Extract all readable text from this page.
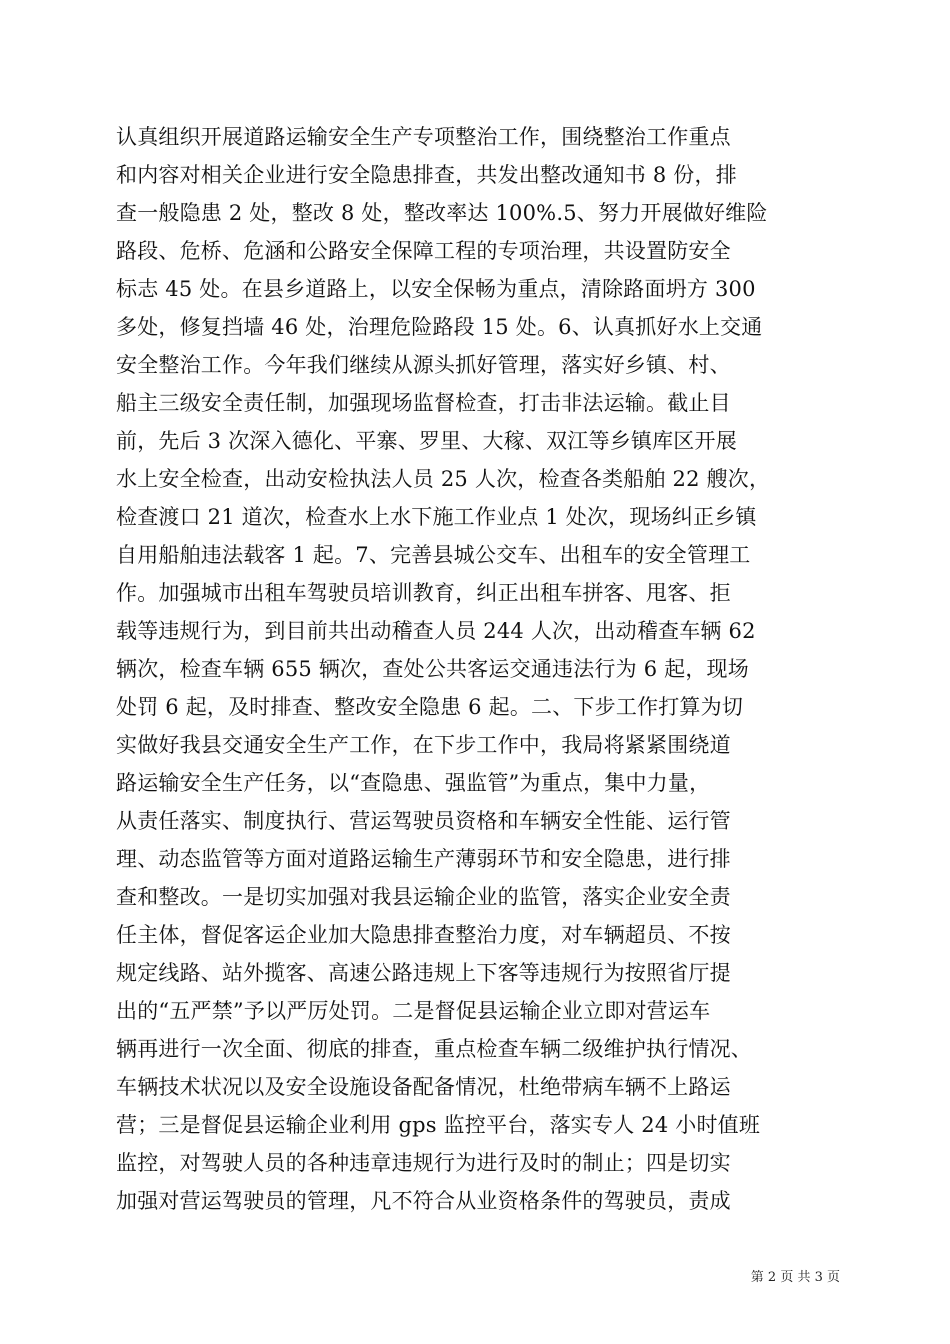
认真组织开展道路运输安全生产专项整治工作，围绕整治工作重点
和内容对相关企业进行安全隐患排查，共发出整改通知书 8 份，排
查一般隐患 2 处，整改 8 处，整改率达 100%.5、努力开展做好维险
路段、危桥、危涵和公路安全保障工程的专项治理，共设置防安全
标志 45 处。在县乡道路上，以安全保畅为重点，清除路面坍方 300
多处，修复挡墙 46 处，治理危险路段 15 处。6、认真抓好水上交通
安全整治工作。今年我们继续从源头抓好管理，落实好乡镇、村、
船主三级安全责任制，加强现场监督检查，打击非法运输。截止目
前，先后 3 次深入德化、平寨、罗里、大稼、双江等乡镇库区开展
水上安全检查，出动安检执法人员 25 人次，检查各类船舶 22 艘次，
检查渡口 21 道次，检查水上水下施工作业点 1 处次，现场纠正乡镇
自用船舶违法载客 1 起。7、完善县城公交车、出租车的安全管理工
作。加强城市出租车驾驶员培训教育，纠正出租车拼客、甩客、拒
载等违规行为，到目前共出动稽查人员 244 人次，出动稽查车辆 62
辆次，检查车辆 655 辆次，查处公共客运交通违法行为 6 起，现场
处罚 6 起，及时排查、整改安全隐患 6 起。二、下步工作打算为切
实做好我县交通安全生产工作，在下步工作中，我局将紧紧围绕道
路运输安全生产任务，以“查隐患、强监管”为重点，集中力量，
从责任落实、制度执行、营运驾驶员资格和车辆安全性能、运行管
理、动态监管等方面对道路运输生产薄弱环节和安全隐患，进行排
查和整改。一是切实加强对我县运输企业的监管，落实企业安全责
任主体，督促客运企业加大隐患排查整治力度，对车辆超员、不按
规定线路、站外揽客、高速公路违规上下客等违规行为按照省厅提
出的“五严禁”予以严厉处罚。二是督促县运输企业立即对营运车
辆再进行一次全面、彻底的排查，重点检查车辆二级维护执行情况、
车辆技术状况以及安全设施设备配备情况，杜绝带病车辆不上路运
营；三是督促县运输企业利用 gps 监控平台，落实专人 24 小时值班
监控，对驾驶人员的各种违章违规行为进行及时的制止；四是切实
加强对营运驾驶员的管理，凡不符合从业资格条件的驾驶员，责成
第 2 页 共 3 页
